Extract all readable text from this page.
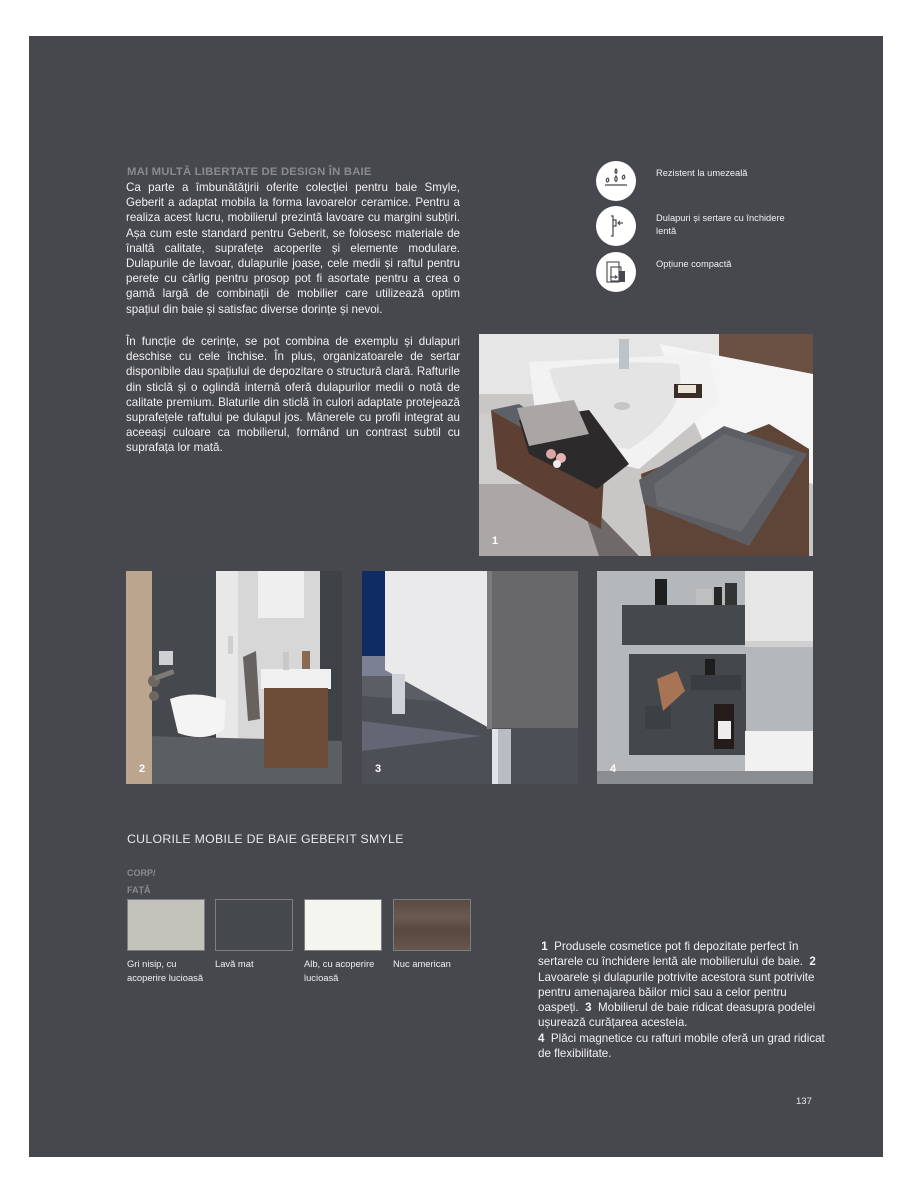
MAI MULTĂ LIBERTATE DE DESIGN ÎN BAIE
Ca parte a îmbunătățirii oferite colecției pentru baie Smyle, Geberit a adaptat mobila la forma lavoarelor ceramice. Pentru a realiza acest lucru, mobilierul prezintă lavoare cu margini subțiri. Așa cum este standard pentru Geberit, se folosesc materiale de înaltă calitate, suprafețe acoperite și elemente modulare. Dulapurile de lavoar, dulapurile joase, cele medii și raftul pentru perete cu cârlig pentru prosop pot fi asortate pentru a crea o gamă largă de combinații de mobilier care utilizează optim spațiul din baie și satisfac diverse dorințe și nevoi.
În funcție de cerințe, se pot combina de exemplu și dulapuri deschise cu cele închise. În plus, organizatoarele de sertar disponibile dau spațiului de depozitare o structură clară. Rafturile din sticlă și o oglindă internă oferă dulapurilor medii o notă de calitate premium. Blaturile din sticlă în culori adaptate protejează suprafețele raftului pe dulapul jos. Mânerele cu profil integrat au aceeași culoare ca mobilierul, formând un contrast subtil cu suprafața lor mată.
Rezistent la umezeală
Dulapuri și sertare cu închidere lentă
Opțiune compactă
1
2	3	4
CULORILE MOBILE DE BAIE GEBERIT SMYLE
CORP/
FAȚĂ
Gri nisip, cu acoperire lucioasă
Lavă mat	Alb, cu acoperire lucioasă
Nuc american
1 Produsele cosmetice pot fi depozitate perfect în sertarele cu închidere lentă ale mobilierului de baie. 2  Lavoarele și dulapurile potrivite acestora sunt potrivite pentru amenajarea băilor mici sau a celor pentru oaspeți. 3 Mobilierul de baie ridicat deasupra podelei ușurează curățarea acesteia.
4 Plăci magnetice cu rafturi mobile oferă un grad ridicat de flexibilitate.
137
